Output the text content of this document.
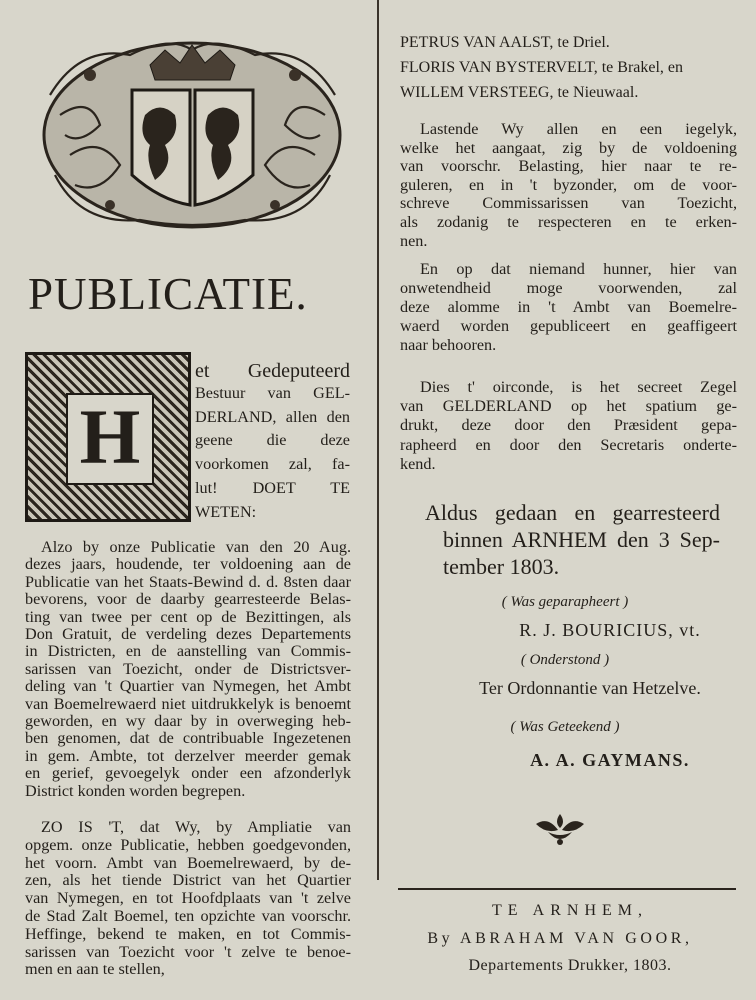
PUBLICATIE.
H
et Gedeputeerd
Bestuur van GEL-
DERLAND, allen den
geene die deze
voorkomen zal, fa-
lut! DOET TE
WETEN:
Alzo by onze Publicatie van den 20 Aug.
dezes jaars, houdende, ter voldoening aan de
Publicatie van het Staats-Bewind d. d. 8sten daar
bevorens, voor de daarby gearresteerde Belas-
ting van twee per cent op de Bezittingen, als
Don Gratuit, de verdeling dezes Departements
in Districten, en de aanstelling van Commis-
sarissen van Toezicht, onder de Districtsver-
deling van 't Quartier van Nymegen, het Ambt
van Boemelrewaerd niet uitdrukkelyk is benoemt
geworden, en wy daar by in overweging heb-
ben genomen, dat de contribuable Ingezetenen
in gem. Ambte, tot derzelver meerder gemak
en gerief, gevoegelyk onder een afzonderlyk
District konden worden begrepen.
ZO IS 'T, dat Wy, by Ampliatie van
opgem. onze Publicatie, hebben goedgevonden,
het voorn. Ambt van Boemelrewaerd, by de-
zen, als het tiende District van het Quartier
van Nymegen, en tot Hoofdplaats van 't zelve
de Stad Zalt Boemel, ten opzichte van voorschr.
Heffinge, bekend te maken, en tot Commis-
sarissen van Toezicht voor 't zelve te benoe-
men en aan te stellen,
PETRUS VAN AALST, te Driel.
FLORIS VAN BYSTERVELT, te Brakel, en
WILLEM VERSTEEG, te Nieuwaal.
Lastende Wy allen en een iegelyk,
welke het aangaat, zig by de voldoening
van voorschr. Belasting, hier naar te re-
guleren, en in 't byzonder, om de voor-
schreve Commissarissen van Toezicht,
als zodanig te respecteren en te erken-
nen.
En op dat niemand hunner, hier van
onwetendheid moge voorwenden, zal
deze alomme in 't Ambt van Boemelre-
waerd worden gepubliceert en geaffigeert
naar behooren.
Dies t' oirconde, is het secreet Zegel
van GELDERLAND op het spatium ge-
drukt, deze door den Præsident gepa-
rapheerd en door den Secretaris onderte-
kend.
Aldus gedaan en gearresteerd
binnen ARNHEM den 3 Sep-
tember 1803.
( Was geparapheert )
R. J. BOURICIUS, vt.
( Onderstond )
Ter Ordonnantie van Hetzelve.
( Was Geteekend )
A. A. GAYMANS.
TE ARNHEM,
By ABRAHAM VAN GOOR,
Departements Drukker, 1803.
